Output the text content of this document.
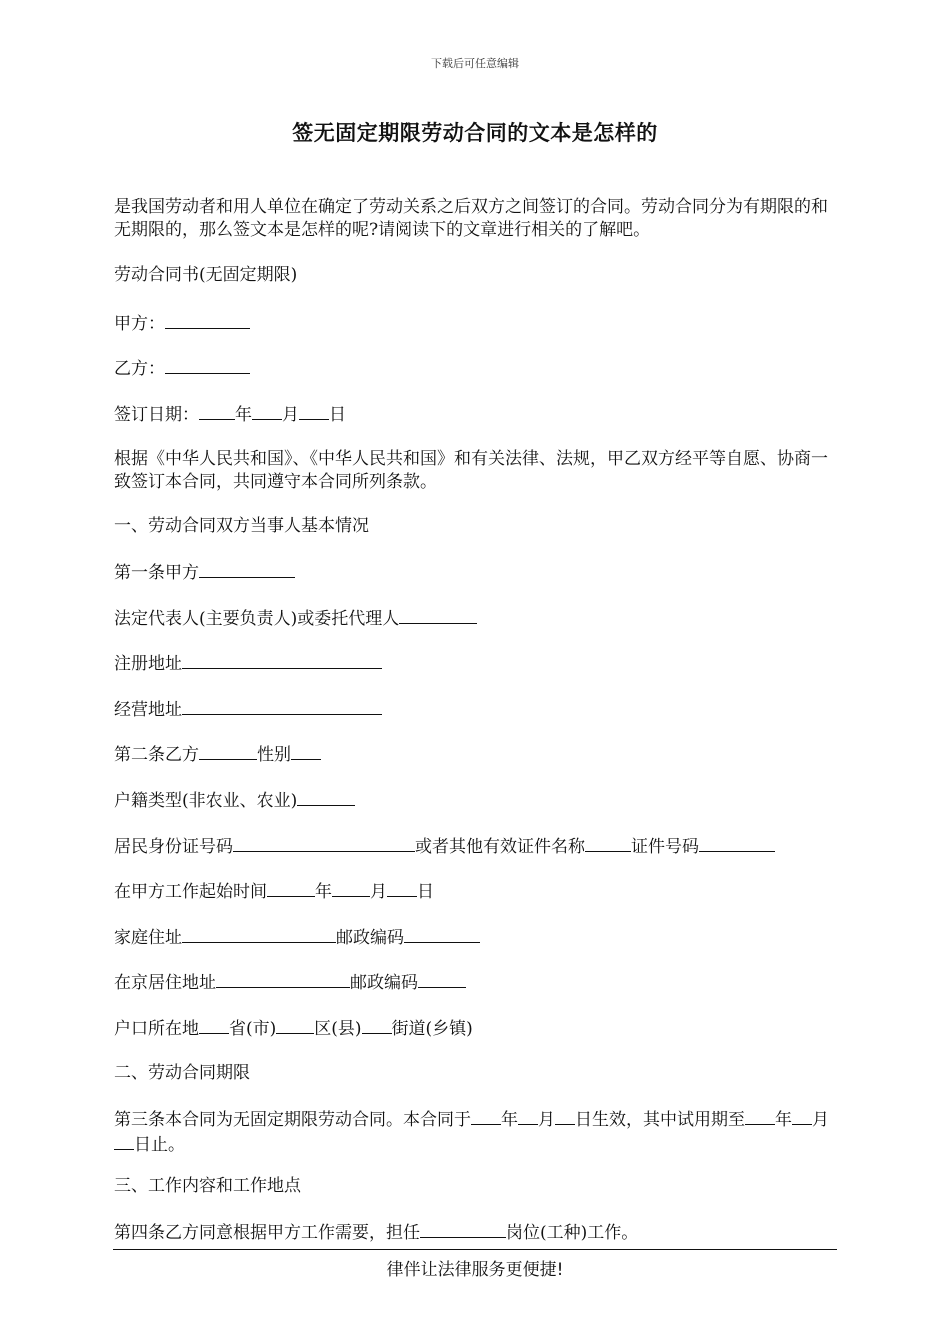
下载后可任意编辑
签无固定期限劳动合同的文本是怎样的

是我国劳动者和用人单位在确定了劳动关系之后双方之间签订的合同。劳动合同分为有期限的和无期限的，那么签文本是怎样的呢?请阅读下的文章进行相关的了解吧。

劳动合同书(无固定期限)

甲方：

乙方：

签订日期： 年 月 日

根据《中华人民共和国》、《中华人民共和国》和有关法律、法规，甲乙双方经平等自愿、协商一致签订本合同，共同遵守本合同所列条款。

一、劳动合同双方当事人基本情况

第一条甲方

法定代表人(主要负责人)或委托代理人

注册地址

经营地址

第二条乙方	性别

户籍类型(非农业、农业)

居民身份证号码	或者其他有效证件名称	证件号码

在甲方工作起始时间	年 月 日

家庭住址	邮政编码

在京居住地址	邮政编码

户口所在地 省(市) 区(县) 街道(乡镇)

二、劳动合同期限

第三条本合同为无固定期限劳动合同。本合同于 年 月 日生效，其中试用期至 年 月日止。

三、工作内容和工作地点

第四条乙方同意根据甲方工作需要，担任	岗位(工种)工作。

律伴让法律服务更便捷!
